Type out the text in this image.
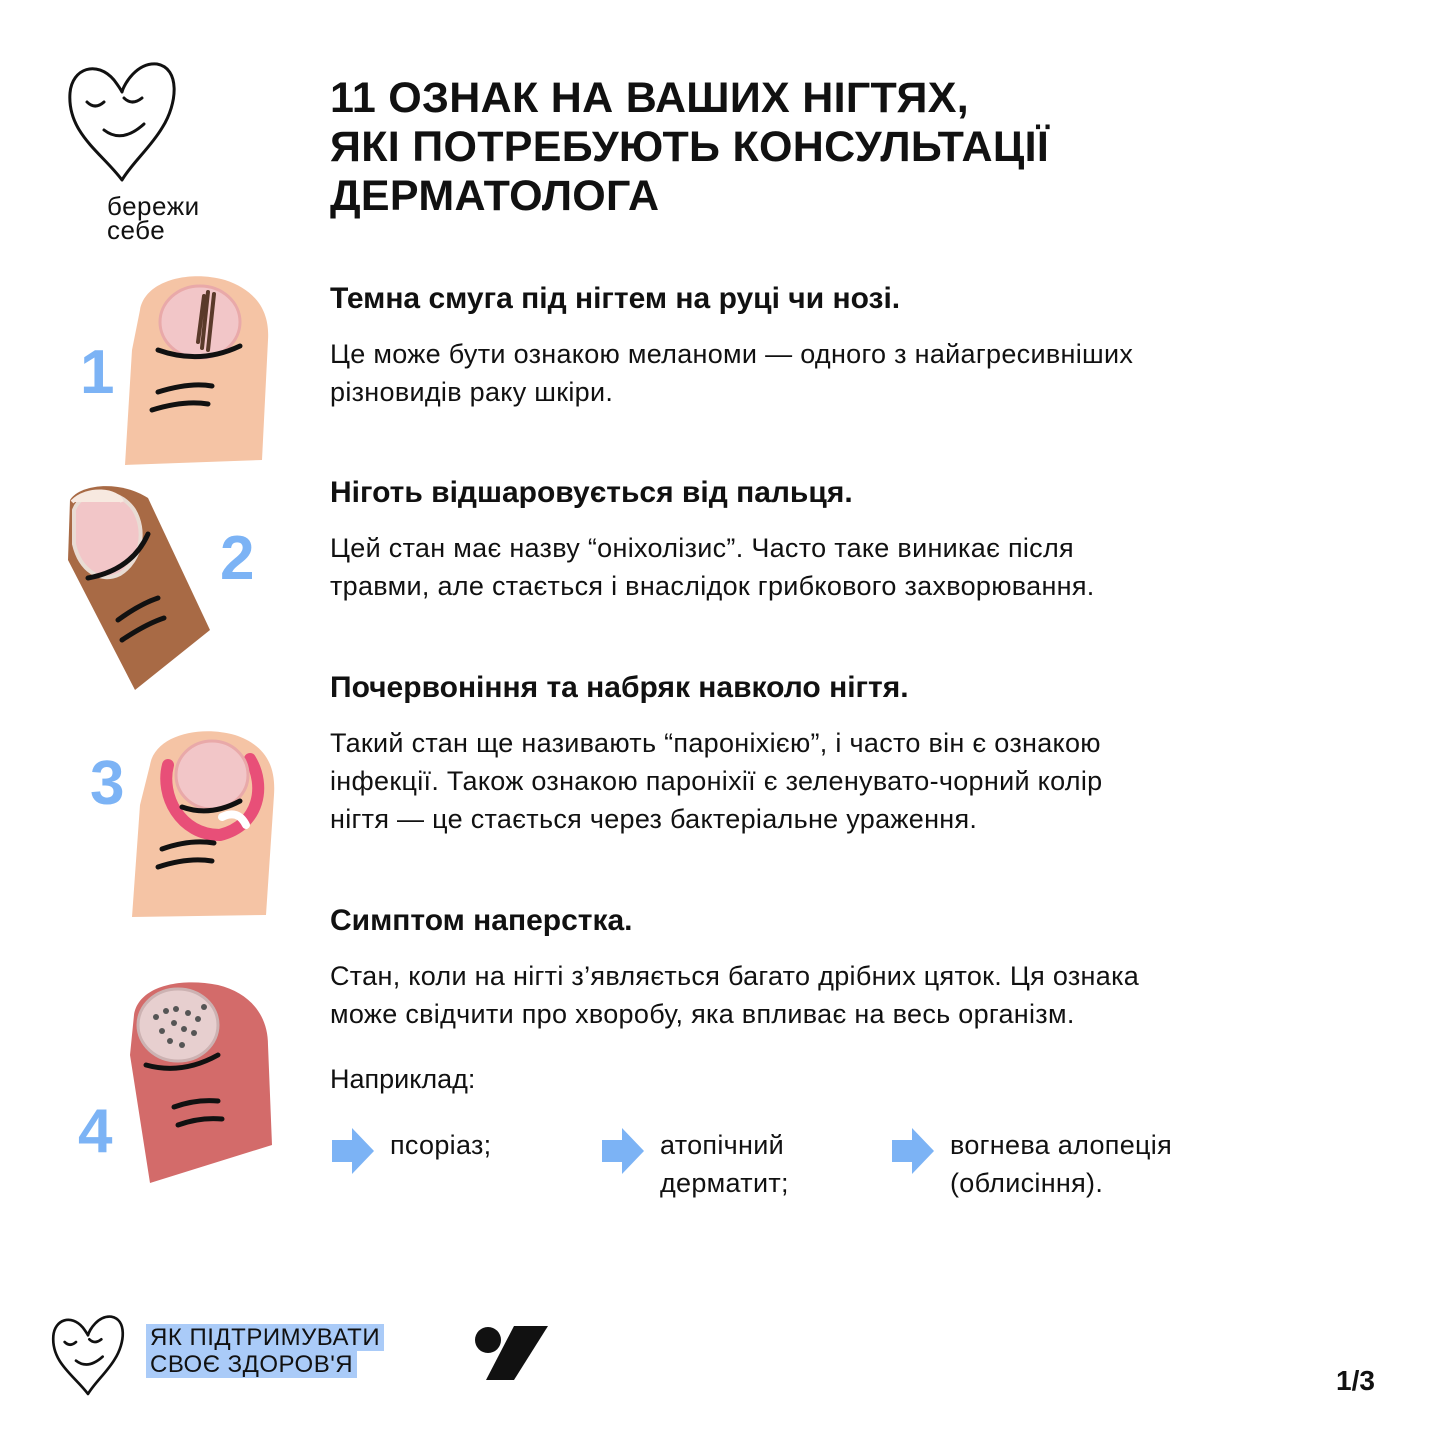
бережи
себе
11 ОЗНАК НА ВАШИХ НІГТЯХ,
ЯКІ ПОТРЕБУЮТЬ КОНСУЛЬТАЦІЇ
ДЕРМАТОЛОГА
1
2
3
4
Темна смуга під нігтем на руці чи нозі.
Це може бути ознакою меланоми — одного з найагресивніших
різновидів раку шкіри.
Ніготь відшаровується від пальця.
Цей стан має назву “оніхолізис”. Часто таке виникає після
травми, але стається і внаслідок грибкового захворювання.
Почервоніння та набряк навколо нігтя.
Такий стан ще називають “пароніхією”, і часто він є ознакою
інфекції. Також ознакою пароніхії є зеленувато-чорний колір
нігтя — це стається через бактеріальне ураження.
Симптом наперстка.
Стан, коли на нігті з’являється багато дрібних цяток. Ця ознака
може свідчити про хворобу, яка впливає на весь організм.
Наприклад:
псоріаз;	атопічний
дерматит;
вогнева алопеція
(облисіння).
ЯК ПІДТРИМУВАТИ
СВОЄ ЗДОРОВ'Я
1/3
